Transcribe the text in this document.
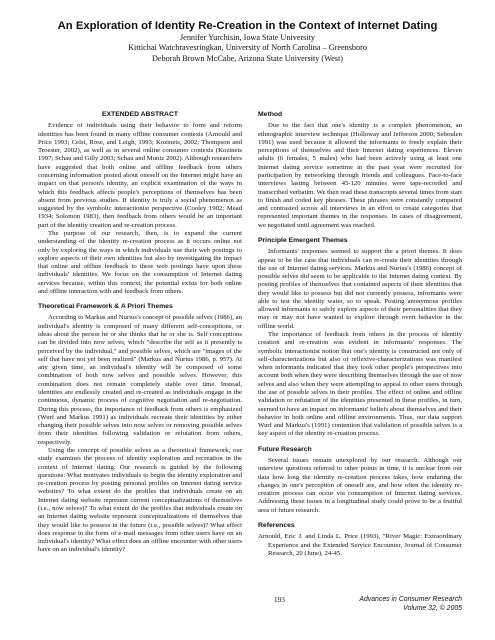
An Exploration of Identity Re-Creation in the Context of Internet Dating
Jennifer Yurchisin, Iowa State University
Kittichai Watchravesringkan, University of North Carolina – Greensboro
Deborah Brown McCabe, Arizona State University (West)
EXTENDED ABSTRACT

Evidence of individuals using their behavior to form and reform identities has been found in many offline consumer contexts (Arnould and Price 1993; Celsi, Rose, and Leigh, 1993; Kozinets, 2002; Thompson and Troester, 2002), as well as in several online consumer contexts (Kozinets 1997; Schau and Gilly 2003; Schau and Muniz 2002). Although researchers have suggested that both online and offline feedback from others concerning information posted about oneself on the Internet might have an impact on that person's identity, an explicit examination of the ways in which this feedback affects people's perceptions of themselves has been absent from previous studies. If identity is truly a social phenomenon as suggested by the symbolic interactionist perspective (Cooley 1902; Mead 1934; Solomon 1983), then feedback from others would be an important part of the identity creation and re-creation process.

The purpose of our research, then, is to expand the current understanding of the identity re-creation process as it occurs online not only by exploring the ways in which individuals use their web postings to explore aspects of their own identities but also by investigating the impact that online and offline feedback to these web postings have upon these individuals' identities. We focus on the consumption of Internet dating services because, within this context, the potential exists for both online and offline interaction with and feedback from others.

Theoretical Framework & A Priori Themes

According to Markus and Nurius's concept of possible selves (1986), an individual's identity is composed of many different self-conceptions, or ideas about the person he or she thinks that he or she is. Self conceptions can be divided into now selves, which "describe the self as it presently is perceived by the individual," and possible selves, which are "images of the self that have not yet been realized" (Markus and Nurius 1986, p. 957). At any given time, an individual's identity will be composed of some combination of both now selves and possible selves. However, this combination does not remain completely stable over time. Instead, identities are endlessly created and re-created as individuals engage in the continuous, dynamic process of cognitive negotiation and re-negotiation. During this process, the importance of feedback from others is emphasized (Wurf and Markus 1991) as individuals recreate their identities by either changing their possible selves into now selves or removing possible selves from their identities following validation or refutation from others, respectively.

Using the concept of possible selves as a theoretical framework, our study examines the process of identity exploration and recreation in the context of Internet dating. Our research is guided by the following questions: What motivates individuals to begin the identity exploration and re-creation process by posting personal profiles on Internet dating service websites? To what extent do the profiles that individuals create on an Internet dating website represent current conceptualizations of themselves (i.e., now selves)? To what extent do the profiles that individuals create on an Internet dating website represent conceptualizations of themselves that they would like to possess in the future (i.e., possible selves)? What effect does response in the form of e-mail messages from other users have on an individual's identity? What effect does an offline encounter with other users have on an individual's identity?

Method

Due to the fact that one's identity is a complex phenomenon, an ethnographic interview technique (Holloway and Jefferson 2000; Seboulen 1991) was used because it allowed the informants to freely explain their perceptions of themselves and their Internet dating experiences. Eleven adults (6 females, 5 males) who had been actively using at least one Internet dating service sometime in the past year were recruited for participation by networking through friends and colleagues. Face-to-face interviews lasting between 45-120 minutes were tape-recorded and transcribed verbatim. We then read these transcripts several times from start to finish and coded key phrases. These phrases were constantly compared and contrasted across all interviews in an effort to create categories that represented important themes in the responses. In cases of disagreement, we negotiated until agreement was reached.

Principle Emergent Themes

Informants' responses seemed to support the a priori themes. It does appear to be the case that individuals can re-create their identities through the use of Internet dating services. Markus and Nurius's (1986) concept of possible selves did seem to be applicable to the Internet dating context. By posting profiles of themselves that contained aspects of their identities that they would like to possess but did not currently possess, informants were able to test the identity water, so to speak. Posting anonymous profiles allowed informants to safely explore aspects of their personalities that they may or may not have wanted to explore through overt behavior in the offline world.

The importance of feedback from others in the process of identity creation and re-creation was evident in informants' responses. The symbolic interactionist notion that one's identity is constructed not only of self-characterizations but also of reflexive-characterizations was manifest when informants indicated that they took other people's perspectives into account both when they were describing themselves through the use of now selves and also when they were attempting to appeal to other users through the use of possible selves in their profiles. The effect of online and offline validation or refutation of the identities presented in these profiles, in turn, seemed to have an impact on informants' beliefs about themselves and their behavior in both online and offline environments. Thus, our data support Wurf and Markus's (1991) contention that validation of possible selves is a key aspect of the identity re-creation process.

Future Research

Several issues remain unexplored by our research. Although our interview questions referred to other points in time, it is unclear from our data how long the identity re-creation process takes, how enduring the changes in one's perception of oneself are, and how often the identity re-creation process can occur via consumption of Internet dating services. Addressing these issues in a longitudinal study could prove to be a fruitful area of future research.

References

Arnould, Eric J. and Linda L. Price (1993), "River Magic: Extraordinary Experience and the Extended Service Encounter, Journal of Consumer Research, 20 (June), 24-45.

193	Advances in Consumer Research
Volume 32, © 2005
